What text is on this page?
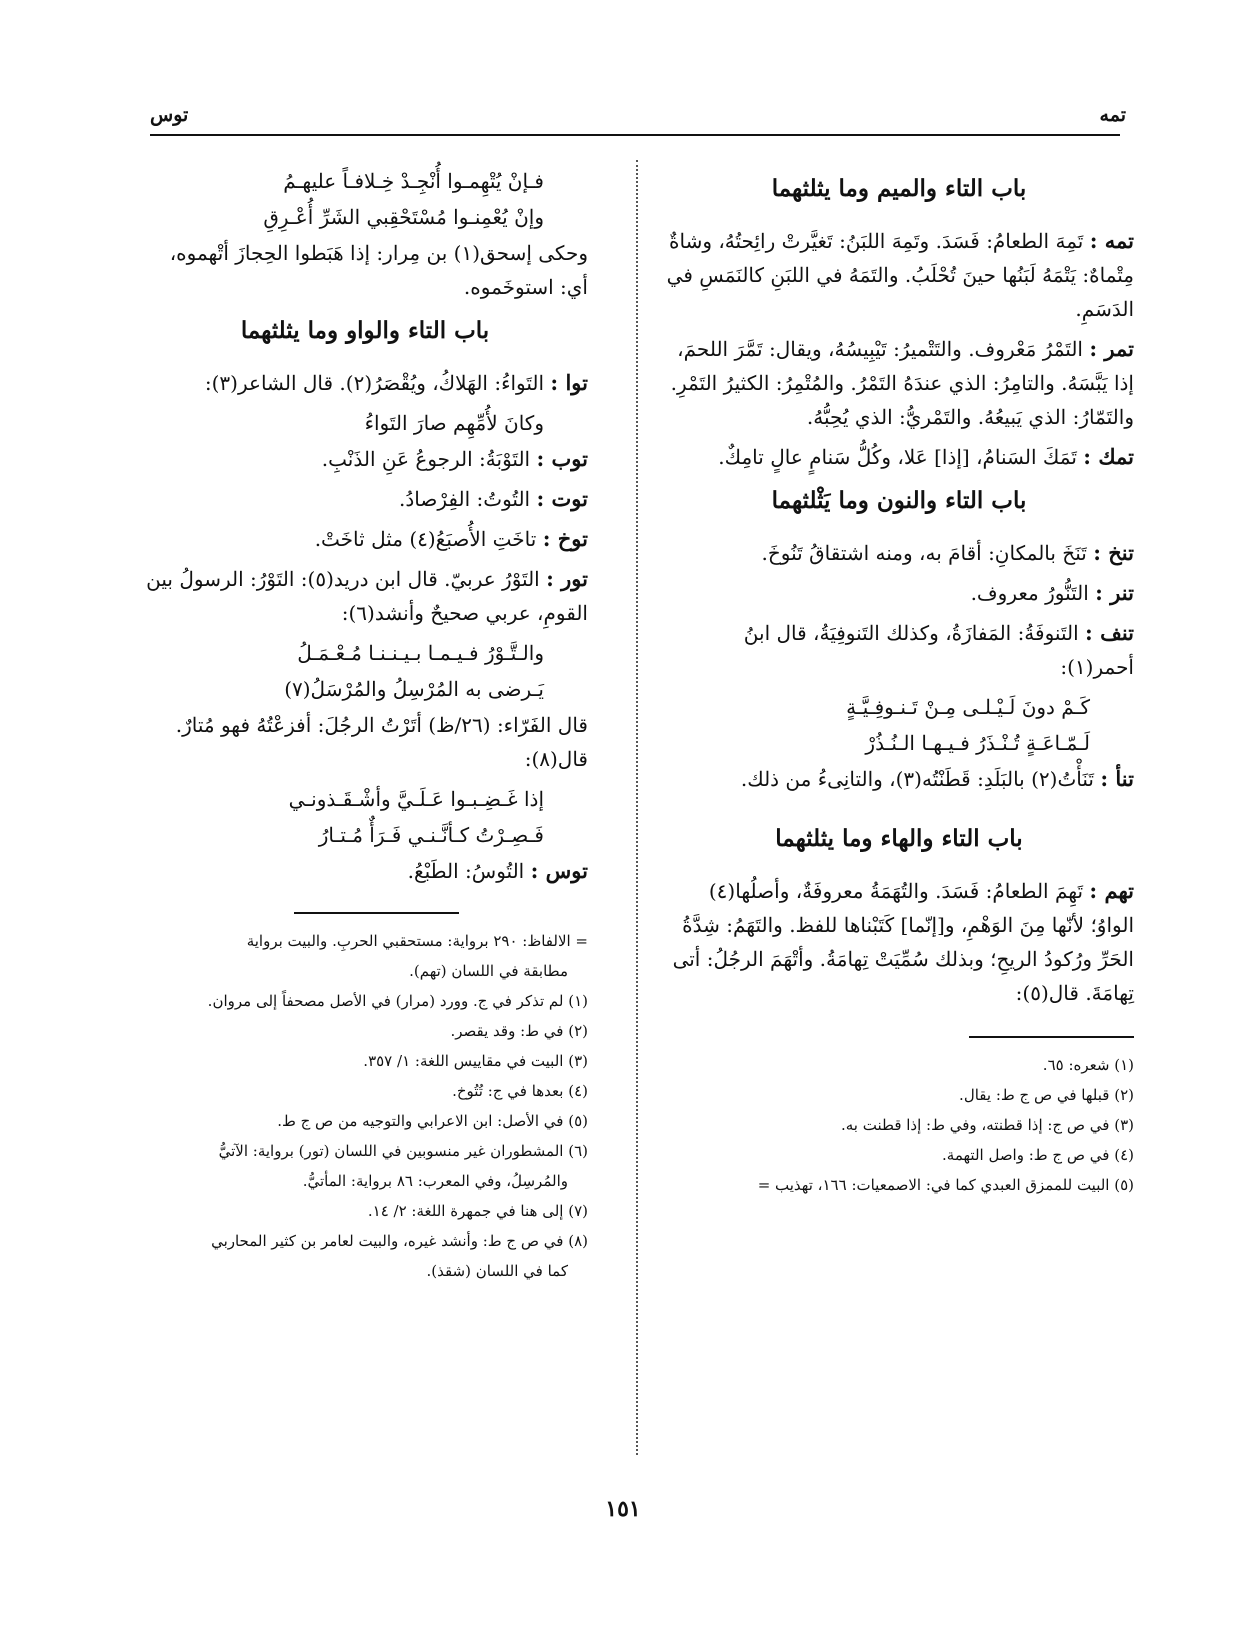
تمه
توس
باب التاء والميم وما يثلثهما
تمه : تَمِهَ الطعامُ: فَسَدَ. وتَمِهَ اللبَنُ: تَغيَّرتْ رائِحتُهُ، وشاةٌ مِتْماهٌ: يَتْمَهُ لَبَنُها حينَ تُحْلَبُ. والتَمَهُ في اللبَنِ كالنَمَسِ في الدَسَمِ.
تمر : التَمْرُ مَعْروف. والتَتْميرُ: تَيْبِيسُهُ، ويقال: تَمَّرَ اللحمَ، إذا يَبَّسَهُ. والتامِرُ: الذي عندَهُ التَمْرُ. والمُتْمِرُ: الكثيرُ التَمْرِ. والتَمّارُ: الذي يَبيعُهُ. والتَمْريُّ: الذي يُحِبُّهُ.
تمك : تَمَكَ السَنامُ، [إذا] عَلا، وكُلُّ سَنامٍ عالٍ تامِكٌ.
باب التاء والنون وما يَثْلثهما
تنخ : تَنَخَ بالمكانِ: أقامَ به، ومنه اشتقاقُ تَنُوخَ.
تنر : التَنُّورُ معروف.
تنف : التَنوفَةُ: المَفازَةُ، وكذلك التَنوفِيَةُ، قال ابنُ أحمر(١):
كَـمْ دونَ لَـيْـلـى مِـنْ تَـنـوفِـيَّـةٍ
لَـمّـاعَـةٍ تُـنْـذَرُ فـيـهـا الـنُـذُرْ
تنأ : تَنَأْتُ(٢) بالبَلَدِ: قَطَنْتُه(٣)، والتانِىءُ من ذلك.
باب التاء والهاء وما يثلثهما
تهم : تَهِمَ الطعامُ: فَسَدَ. والتُهَمَةُ معروفَةٌ، وأصلُها(٤) الواوُ؛ لأنّها مِنَ الوَهْمِ، و[إنّما] كَتَبْناها للفظ. والتَهَمُ: شِدَّةُ الحَرِّ ورُكودُ الريحِ؛ وبذلك سُمِّيَتْ تِهامَةُ. وأتْهَمَ الرجُلُ: أتى تِهامَةَ. قال(٥):
(١) شعره: ٦٥.
(٢) قبلها في ص ج ط: يقال.
(٣) في ص ج: إذا قطنته، وفي ط: إذا قطنت به.
(٤) في ص ج ط: واصل التهمة.
(٥) البيت للممزق العبدي كما في: الاصمعيات: ١٦٦، تهذيب =
فـإنْ يُتْهِمـوا أُنْجِـدْ خِـلافـاً عليهـمُ
وإنْ يُعْمِنـوا مُسْتَحْقِبي الشَرِّ أُعْـرِقِ
وحكى إسحق(١) بن مِرار: إذا هَبَطوا الحِجازَ أتْهموه، أي: استوخَموه.
باب التاء والواو وما يثلثهما
توا : التَواءُ: الهَلاكُ، ويُقْصَرُ(٢). قال الشاعر(٣):
وكانَ لأُمِّهِم صارَ التَواءُ
توب : التَوْبَةُ: الرجوعُ عَنِ الذَنْبِ.
توت : التُوتُ: الفِرْصادُ.
توخ : تاخَتِ الأُصبَعُ(٤) مثل ثاخَتْ.
تور : التَوْرُ عربيّ. قال ابن دريد(٥): التَوْرُ: الرسولُ بين القومِ، عربي صحيحٌ وأنشد(٦):
والـتَّـوْرُ فـيـمـا بـيـنـنـا مُـعْـمَـلُ
يَـرضى به المُرْسِلُ والمُرْسَلُ(٧)
قال الفَرّاء: (٢٦/ظ) أتَرْتُ الرجُلَ: أفزعْتُهُ فهو مُتارٌ. قال(٨):
إذا غَـضِـبـوا عَـلَـيَّ وأشْـقَـذونـي
فَـصِـرْتُ كـأنَّـنـي فَـرَأٌ مُـتـارُ
توس : التُوسُ: الطَبْعُ.
= الالفاظ: ٢٩٠ برواية: مستحقبي الحربِ. والبيت برواية
مطابقة في اللسان (تهم).
(١) لم تذكر في ج. وورد (مرار) في الأصل مصحفاً إلى مروان.
(٢) في ط: وقد يقصر.
(٣) البيت في مقاييس اللغة: ١/ ٣٥٧.
(٤) بعدها في ج: تُتُوخ.
(٥) في الأصل: ابن الاعرابي والتوجيه من ص ج ط.
(٦) المشطوران غير منسوبين في اللسان (تور) برواية: الآتيُّ
والمُرسِلُ، وفي المعرب: ٨٦ برواية: المأتيُّ.
(٧) إلى هنا في جمهرة اللغة: ٢/ ١٤.
(٨) في ص ج ط: وأنشد غيره، والبيت لعامر بن كثير المحاربي
كما في اللسان (شقذ).
١٥١
